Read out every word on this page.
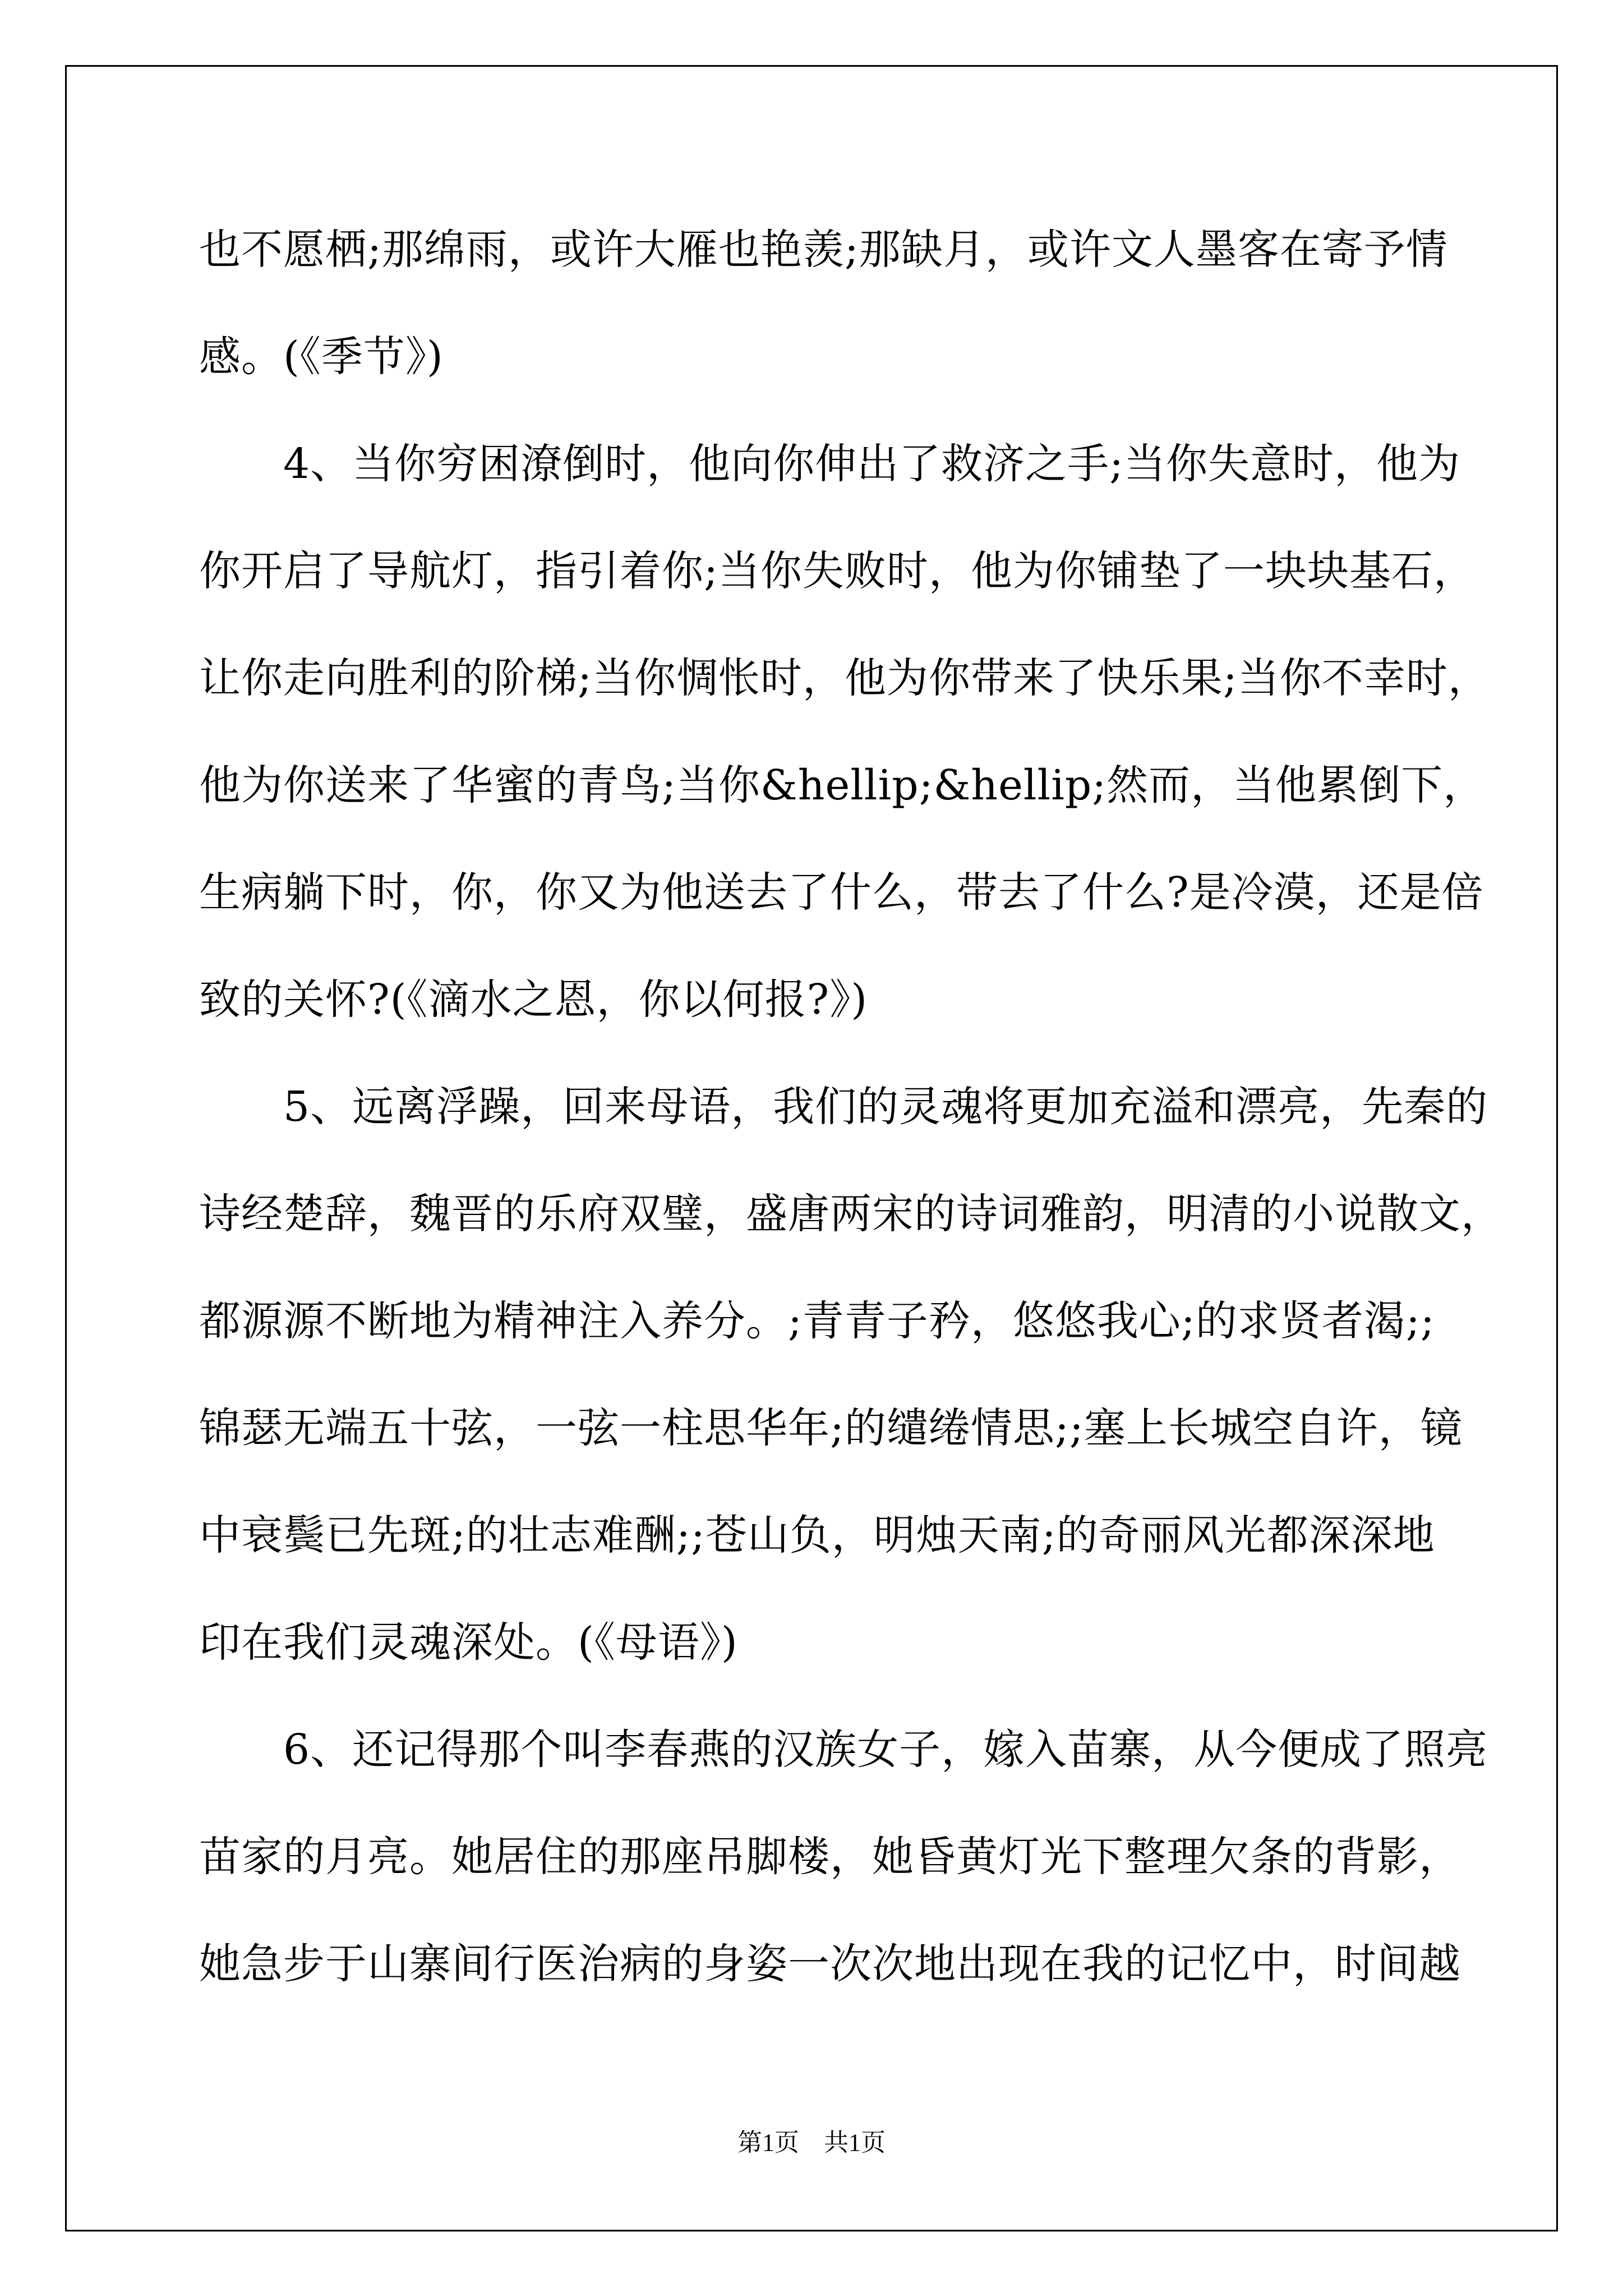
也不愿栖;那绵雨，或许大雁也艳羡;那缺月，或许文人墨客在寄予情
感。(《季节》)
　　4、当你穷困潦倒时，他向你伸出了救济之手;当你失意时，他为
你开启了导航灯，指引着你;当你失败时，他为你铺垫了一块块基石，
让你走向胜利的阶梯;当你惆怅时，他为你带来了快乐果;当你不幸时，
他为你送来了华蜜的青鸟;当你&hellip;&hellip;然而，当他累倒下，
生病躺下时，你，你又为他送去了什么，带去了什么?是冷漠，还是倍
致的关怀?(《滴水之恩，你以何报?》)
　　5、远离浮躁，回来母语，我们的灵魂将更加充溢和漂亮，先秦的
诗经楚辞，魏晋的乐府双璧，盛唐两宋的诗词雅韵，明清的小说散文，
都源源不断地为精神注入养分。;青青子矜，悠悠我心;的求贤者渴;;
锦瑟无端五十弦，一弦一柱思华年;的缱绻情思;;塞上长城空自许，镜
中衰鬓已先斑;的壮志难酬;;苍山负，明烛天南;的奇丽风光都深深地
印在我们灵魂深处。(《母语》)
　　6、还记得那个叫李春燕的汉族女子，嫁入苗寨，从今便成了照亮
苗家的月亮。她居住的那座吊脚楼，她昏黄灯光下整理欠条的背影，
她急步于山寨间行医治病的身姿一次次地出现在我的记忆中，时间越
第1页　共1页
